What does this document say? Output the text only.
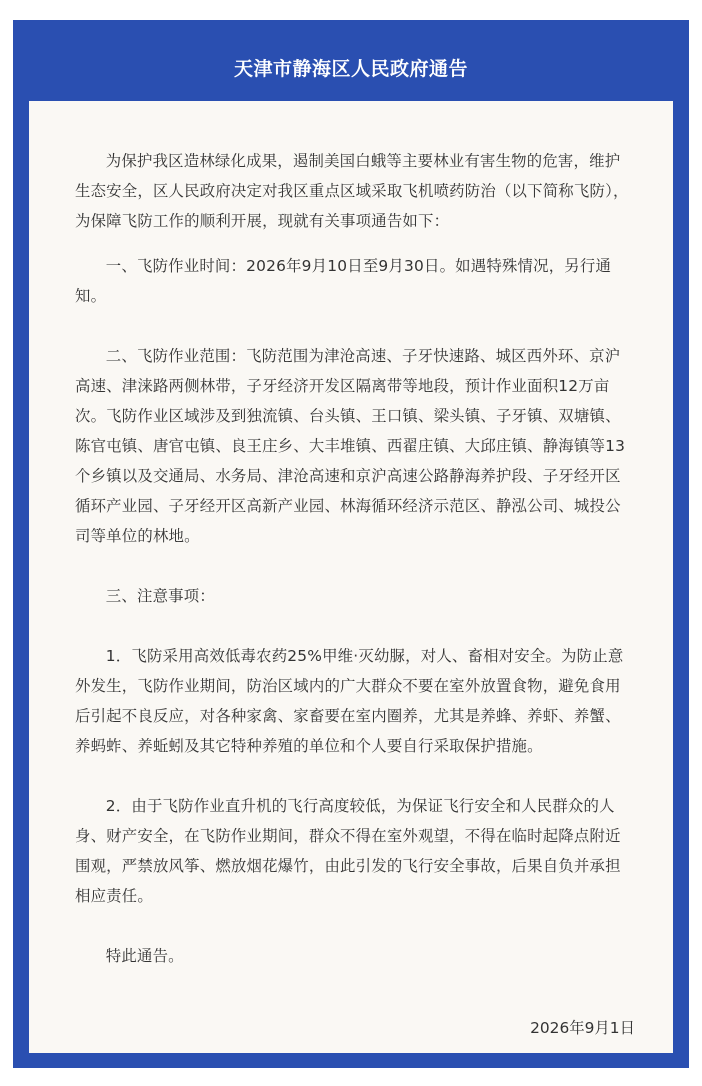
天津市静海区人民政府通告

为保护我区造林绿化成果，遏制美国白蛾等主要林业有害生物的危害，维护生态安全，区人民政府决定对我区重点区域采取飞机喷药防治（以下简称飞防），为保障飞防工作的顺利开展，现就有关事项通告如下：

一、飞防作业时间：2026年9月10日至9月30日。如遇特殊情况，另行通知。

二、飞防作业范围：飞防范围为津沧高速、子牙快速路、城区西外环、京沪高速、津涞路两侧林带，子牙经济开发区隔离带等地段，预计作业面积12万亩次。飞防作业区域涉及到独流镇、台头镇、王口镇、梁头镇、子牙镇、双塘镇、陈官屯镇、唐官屯镇、良王庄乡、大丰堆镇、西翟庄镇、大邱庄镇、静海镇等13个乡镇以及交通局、水务局、津沧高速和京沪高速公路静海养护段、子牙经开区循环产业园、子牙经开区高新产业园、林海循环经济示范区、静泓公司、城投公司等单位的林地。

三、注意事项：

1．飞防采用高效低毒农药25%甲维·灭幼脲，对人、畜相对安全。为防止意外发生，飞防作业期间，防治区域内的广大群众不要在室外放置食物，避免食用后引起不良反应，对各种家禽、家畜要在室内圈养，尤其是养蜂、养虾、养蟹、养蚂蚱、养蚯蚓及其它特种养殖的单位和个人要自行采取保护措施。

2．由于飞防作业直升机的飞行高度较低，为保证飞行安全和人民群众的人身、财产安全，在飞防作业期间，群众不得在室外观望，不得在临时起降点附近围观，严禁放风筝、燃放烟花爆竹，由此引发的飞行安全事故，后果自负并承担相应责任。

特此通告。

2026年9月1日
